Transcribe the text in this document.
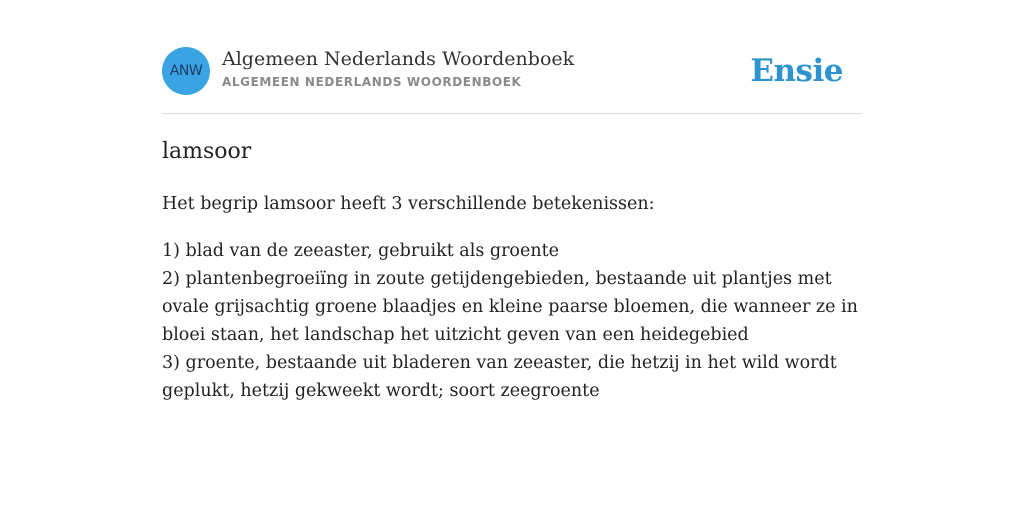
ANW
Algemeen Nederlands Woordenboek
ALGEMEEN NEDERLANDS WOORDENBOEK	Ensie
lamsoor
Het begrip lamsoor heeft 3 verschillende betekenissen:
1) blad van de zeeaster, gebruikt als groente
2) plantenbegroeiïng in zoute getijdengebieden, bestaande uit plantjes met ovale grijsachtig groene blaadjes en kleine paarse bloemen, die wanneer ze in bloei staan, het landschap het uitzicht geven van een heidegebied
3) groente, bestaande uit bladeren van zeeaster, die hetzij in het wild wordt geplukt, hetzij gekweekt wordt; soort zeegroente
